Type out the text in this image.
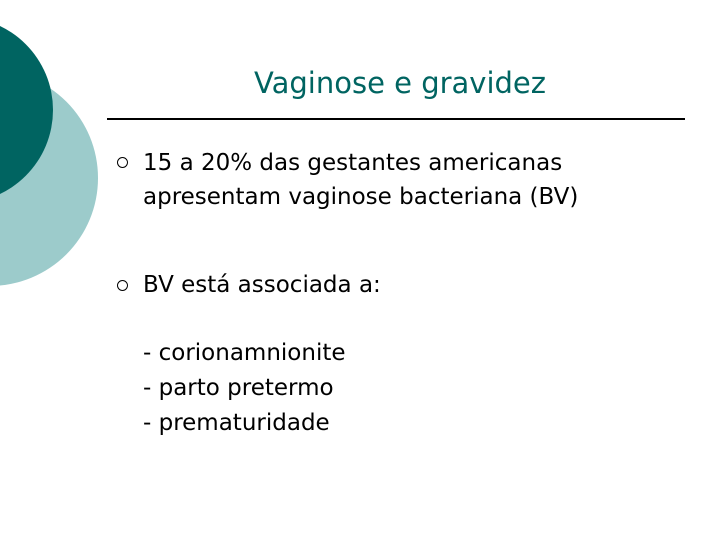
Vaginose e gravidez
15 a 20% das gestantes americanas
apresentam vaginose bacteriana (BV)
BV está associada a:
- corionamnionite
- parto pretermo
- prematuridade
